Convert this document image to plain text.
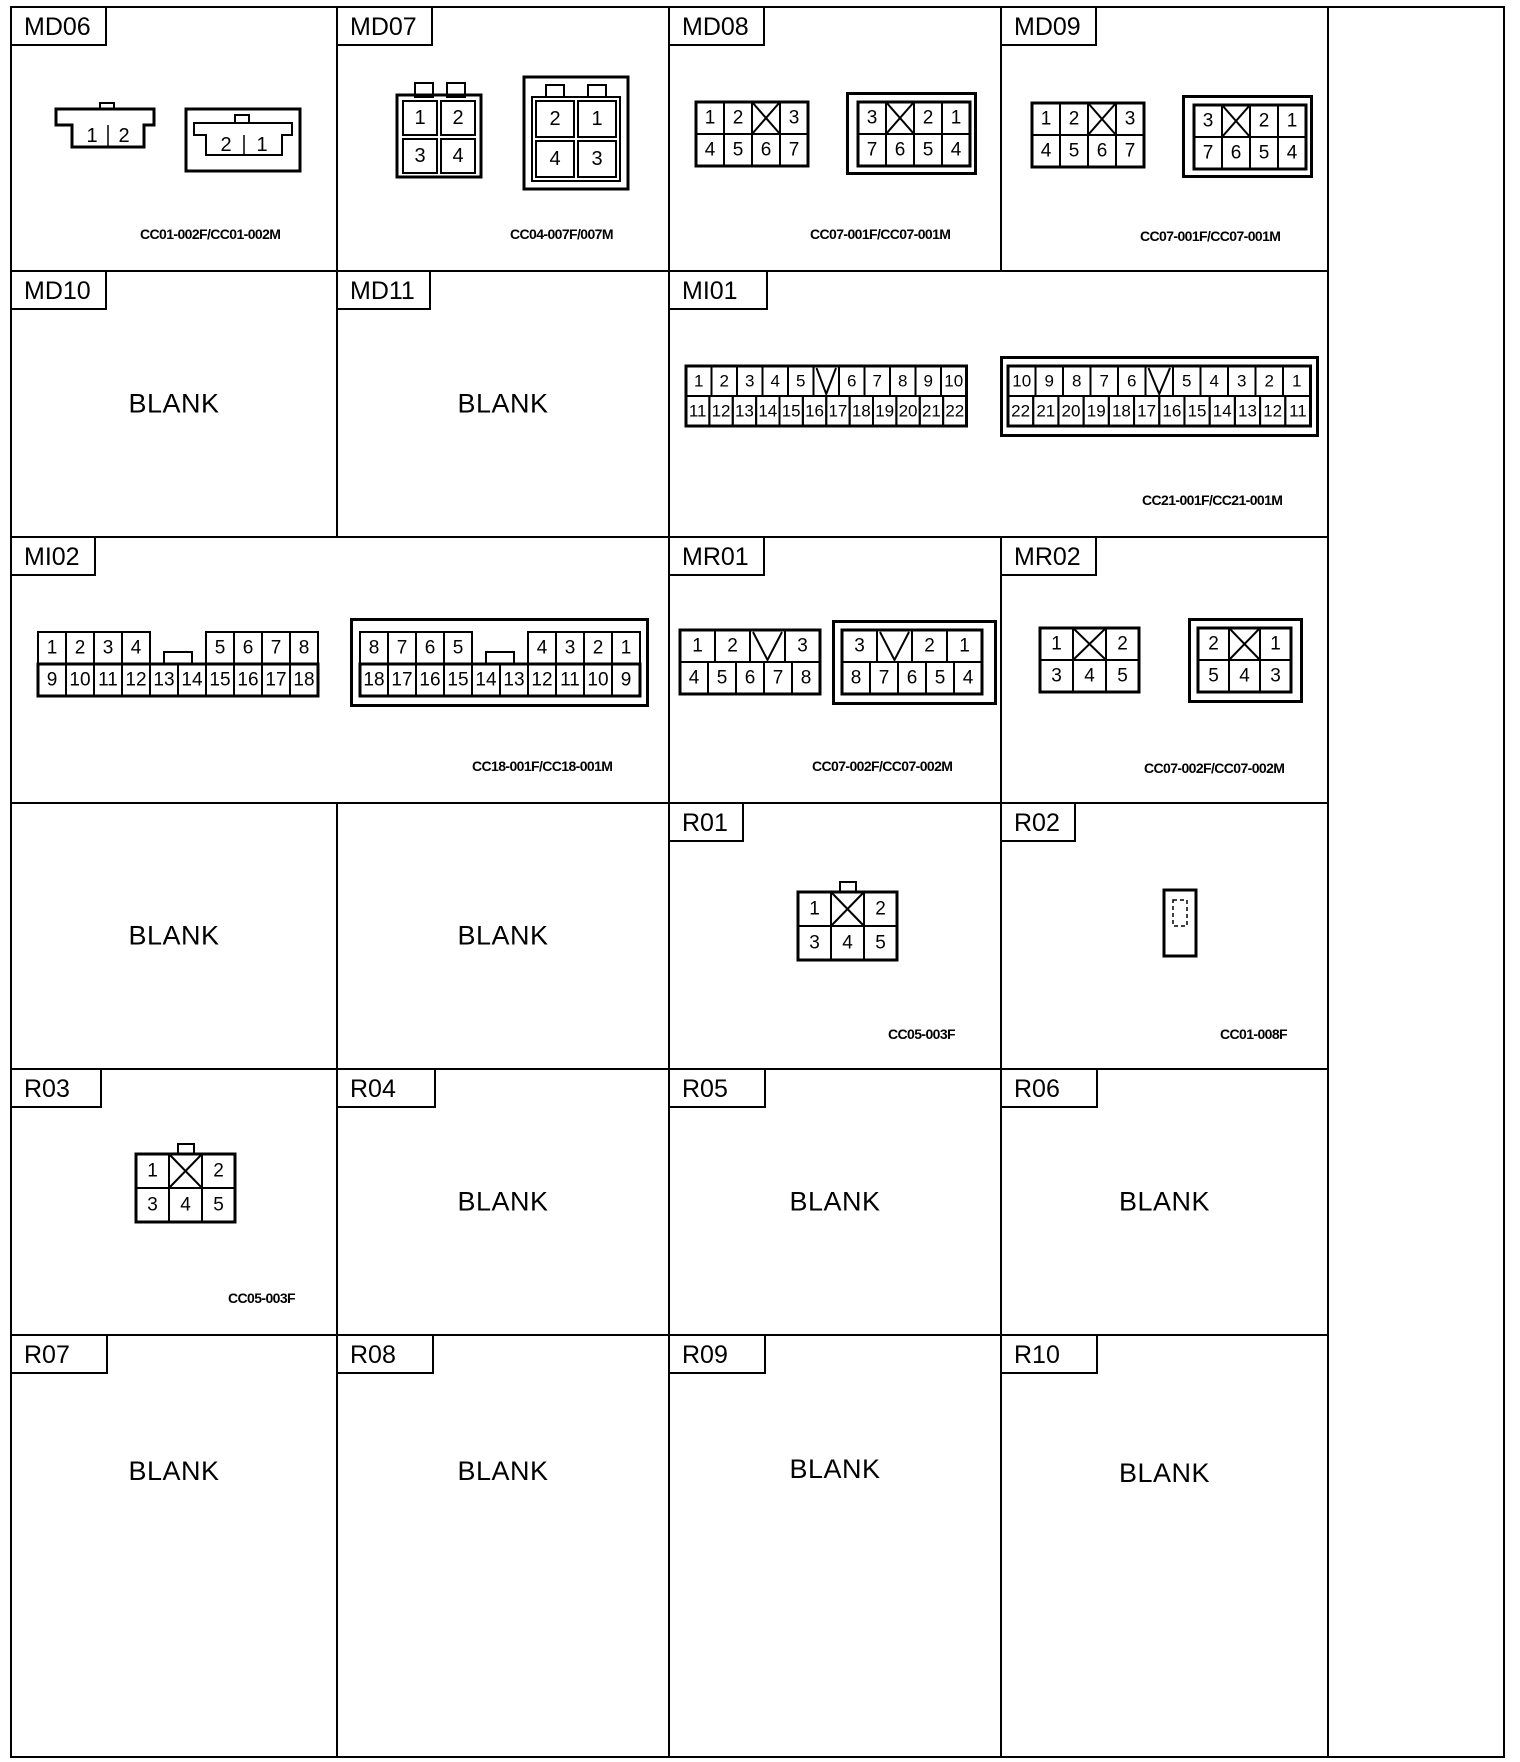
MD06
1 2	2 1
CC01-002F/CC01-002M
MD07
1 2
3 4
2 1
4 3
CC04-007F/007M
MD08
1 2 3
4 5 6 7
3 2 1
7 6 5 4
CC07-001F/CC07-001M
MD09
1 2 3
4 5 6 7
3 2 1
7 6 5 4
CC07-001F/CC07-001M
MD10
BLANK
MD11
BLANK
MI01
1 2 3 4 5 6 7 8 9 10
11 12 13 14 15 16 17 18 19 20 21 22
10 9 8 7 6	5 4 3 2 1
22 21 20 19 18 17 16 15 14 13 12 11
CC21-001F/CC21-001M
MI02
1 2 3 4	5 6 7 8
9 10 11 12 13 14 15 16 17 18
8 7 6 5	4 3 2 1
18 17 16 15 14 13 12 11 10 9
CC18-001F/CC18-001M
MR01
1 2	3
4 5 6 7 8
3	2 1
8 7 6 5 4
CC07-002F/CC07-002M
MR02
1	2
3 4 5
2	1
5 4 3
CC07-002F/CC07-002M
BLANK	BLANK
R01
1	2
3 4 5
CC05-003F
R02
CC01-008F
R03
1	2
3 4 5
CC05-003F
R04
BLANK
R05
BLANK
R06
BLANK
R07
BLANK
R08
BLANK
R09
BLANK
R10
BLANK
